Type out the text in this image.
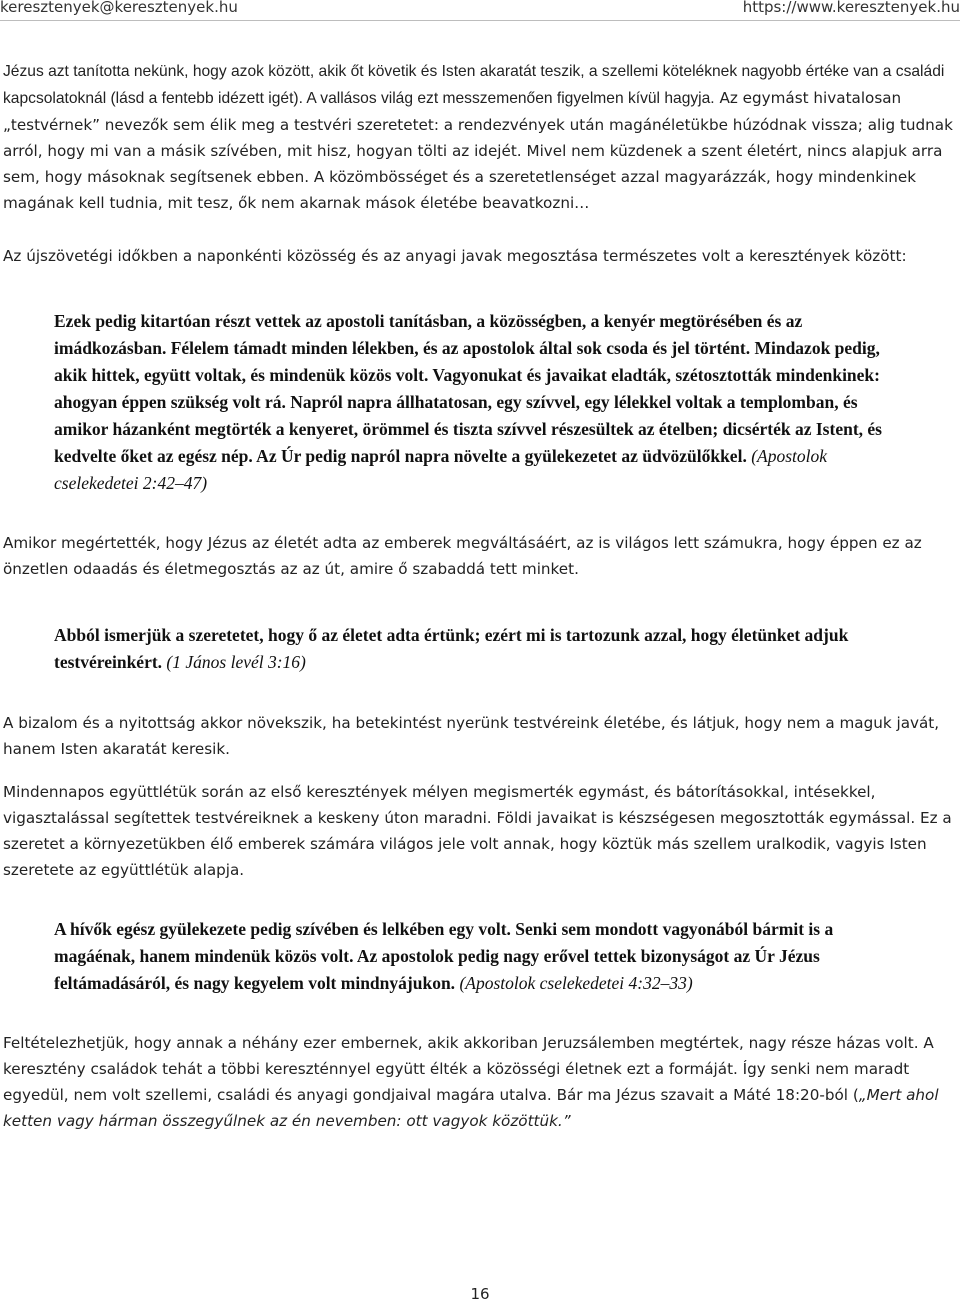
keresztenyek@keresztenyek.hu	https://www.keresztenyek.hu

Jézus azt tanította nekünk, hogy azok között, akik őt követik és Isten akaratát teszik, a szellemi köteléknek nagyobb értéke van a családi kapcsolatoknál (lásd a fentebb idézett igét). A vallásos világ ezt messzemenően figyelmen kívül hagyja. Az egymást hivatalosan „testvérnek” nevezők sem élik meg a testvéri szeretetet: a rendezvények után magánéletükbe húzódnak vissza; alig tudnak arról, hogy mi van a másik szívében, mit hisz, hogyan tölti az idejét. Mivel nem küzdenek a szent életért, nincs alapjuk arra sem, hogy másoknak segítsenek ebben. A közömbösséget és a szeretetlenséget azzal magyarázzák, hogy mindenkinek magának kell tudnia, mit tesz, ők nem akarnak mások életébe beavatkozni…

Az újszövetégi időkben a naponkénti közösség és az anyagi javak megosztása természetes volt a keresztények között:

Ezek pedig kitartóan részt vettek az apostoli tanításban, a közösségben, a kenyér megtörésében és az imádkozásban. Félelem támadt minden lélekben, és az apostolok által sok csoda és jel történt. Mindazok pedig, akik hittek, együtt voltak, és mindenük közös volt. Vagyonukat és javaikat eladták, szétosztották mindenkinek: ahogyan éppen szükség volt rá. Napról napra állhatatosan, egy szívvel, egy lélekkel voltak a templomban, és amikor házanként megtörték a kenyeret, örömmel és tiszta szívvel részesültek az ételben; dicsérték az Istent, és kedvelte őket az egész nép. Az Úr pedig napról napra növelte a gyülekezetet az üdvözülőkkel. (Apostolok cselekedetei 2:42–47)

Amikor megértették, hogy Jézus az életét adta az emberek megváltásáért, az is világos lett számukra, hogy éppen ez az önzetlen odaadás és életmegosztás az az út, amire ő szabaddá tett minket.

Abból ismerjük a szeretetet, hogy ő az életet adta értünk; ezért mi is tartozunk azzal, hogy életünket adjuk testvéreinkért. (1 János levél 3:16)

A bizalom és a nyitottság akkor növekszik, ha betekintést nyerünk testvéreink életébe, és látjuk, hogy nem a maguk javát, hanem Isten akaratát keresik.

Mindennapos együttlétük során az első keresztények mélyen megismerték egymást, és bátorításokkal, intésekkel, vigasztalással segítettek testvéreiknek a keskeny úton maradni. Földi javaikat is készségesen megosztották egymással. Ez a szeretet a környezetükben élő emberek számára világos jele volt annak, hogy köztük más szellem uralkodik, vagyis Isten szeretete az együttlétük alapja.

A hívők egész gyülekezete pedig szívében és lelkében egy volt. Senki sem mondott vagyonából bármit is a magáénak, hanem mindenük közös volt. Az apostolok pedig nagy erővel tettek bizonyságot az Úr Jézus feltámadásáról, és nagy kegyelem volt mindnyájukon. (Apostolok cselekedetei 4:32–33)

Feltételezhetjük, hogy annak a néhány ezer embernek, akik akkoriban Jeruzsálemben megtértek, nagy része házas volt. A keresztény családok tehát a többi kereszténnyel együtt élték a közösségi életnek ezt a formáját. Így senki nem maradt egyedül, nem volt szellemi, családi és anyagi gondjaival magára utalva. Bár ma Jézus szavait a Máté 18:20-ból („Mert ahol ketten vagy hárman összegyűlnek az én nevemben: ott vagyok közöttük.”

16
